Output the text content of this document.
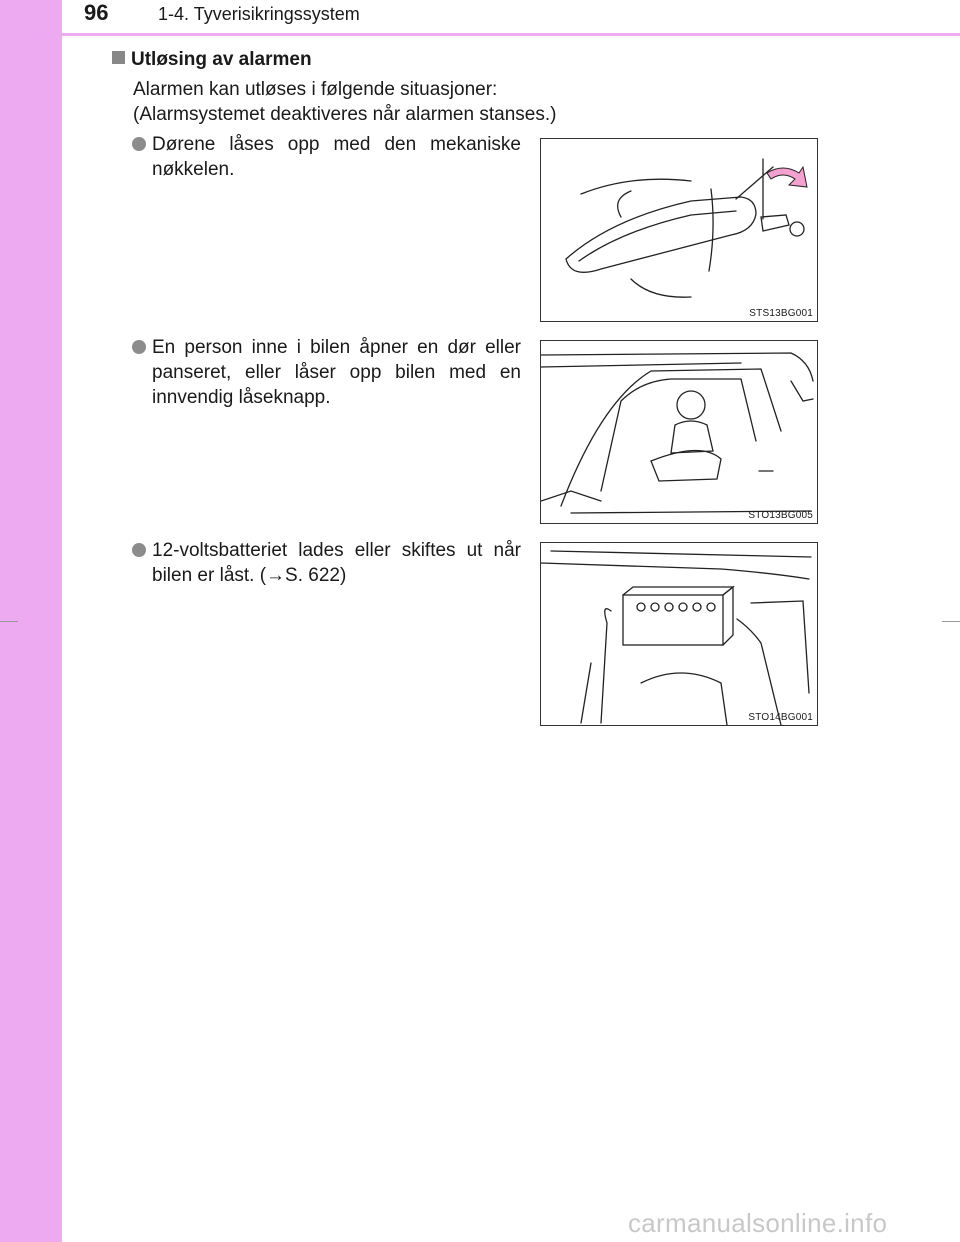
96	1-4. Tyverisikringssystem
Utløsing av alarmen
Alarmen kan utløses i følgende situasjoner:
(Alarmsystemet deaktiveres når alarmen stanses.)
Dørene låses opp med den mekaniske nøkkelen.
STS13BG001
En person inne i bilen åpner en dør eller panseret, eller låser opp bilen med en innvendig låseknapp.
STO13BG005
12-voltsbatteriet lades eller skiftes ut når bilen er låst. (→S. 622)
STO14BG001
carmanualsonline.info
